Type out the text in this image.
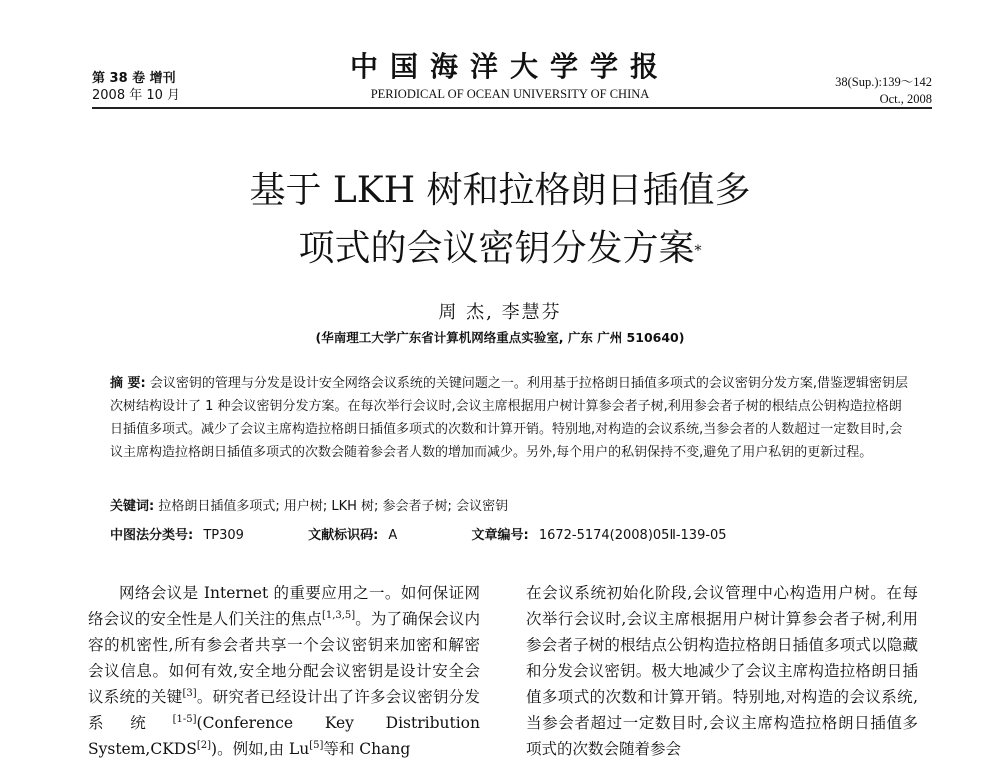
第 38 卷 增刊
2008 年 10 月
中国海洋大学学报
PERIODICAL OF OCEAN UNIVERSITY OF CHINA
38(Sup.):139～142
Oct., 2008
基于 LKH 树和拉格朗日插值多
项式的会议密钥分发方案*
周 杰, 李慧芬
(华南理工大学广东省计算机网络重点实验室, 广东 广州 510640)
摘 要: 会议密钥的管理与分发是设计安全网络会议系统的关键问题之一。利用基于拉格朗日插值多项式的会议密钥分发方案,借鉴逻辑密钥层次树结构设计了 1 种会议密钥分发方案。在每次举行会议时,会议主席根据用户树计算参会者子树,利用参会者子树的根结点公钥构造拉格朗日插值多项式。减少了会议主席构造拉格朗日插值多项式的次数和计算开销。特别地,对构造的会议系统,当参会者的人数超过一定数目时,会议主席构造拉格朗日插值多项式的次数会随着参会者人数的增加而减少。另外,每个用户的私钥保持不变,避免了用户私钥的更新过程。
关键词: 拉格朗日插值多项式; 用户树; LKH 树; 参会者子树; 会议密钥
中图法分类号: TP309	文献标识码: A	文章编号: 1672-5174(2008)05Ⅱ-139-05

网络会议是 Internet 的重要应用之一。如何保证网络会议的安全性是人们关注的焦点[1,3,5]。为了确保会议内容的机密性,所有参会者共享一个会议密钥来加密和解密会议信息。如何有效,安全地分配会议密钥是设计安全会议系统的关键[3]。研究者已经设计出了许多会议密钥分发系统[1-5](Conference Key Distribution System,CKDS[2])。例如,由 Lu[5]等和 Chang

在会议系统初始化阶段,会议管理中心构造用户树。在每次举行会议时,会议主席根据用户树计算参会者子树,利用参会者子树的根结点公钥构造拉格朗日插值多项式以隐藏和分发会议密钥。极大地减少了会议主席构造拉格朗日插值多项式的次数和计算开销。特别地,对构造的会议系统,当参会者超过一定数目时,会议主席构造拉格朗日插值多项式的次数会随着参会
